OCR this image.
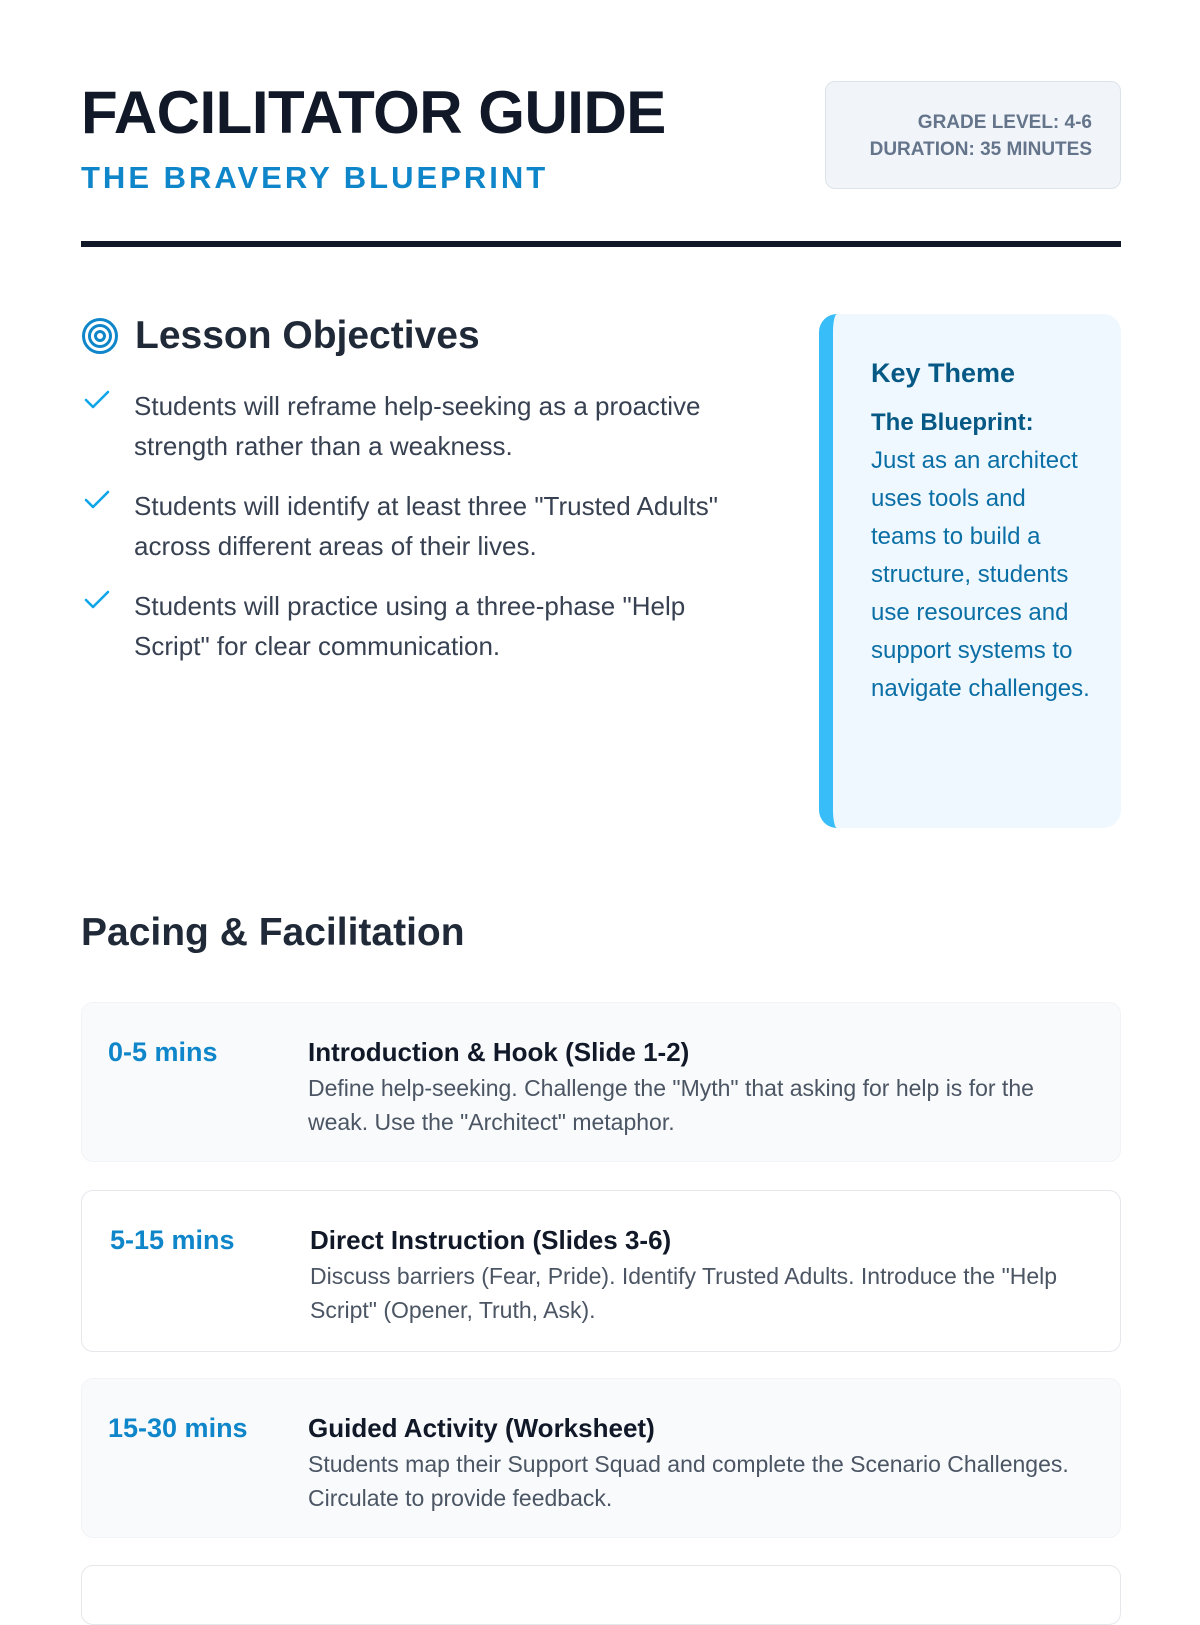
FACILITATOR GUIDE
THE BRAVERY BLUEPRINT
GRADE LEVEL: 4-6
DURATION: 35 MINUTES
Lesson Objectives
Students will reframe help-seeking as a proactive strength rather than a weakness.
Students will identify at least three "Trusted Adults" across different areas of their lives.
Students will practice using a three-phase "Help Script" for clear communication.
Key Theme
The Blueprint:
Just as an architect uses tools and teams to build a structure, students use resources and support systems to navigate challenges.
Pacing & Facilitation
0-5 mins	Introduction & Hook (Slide 1-2)
Define help-seeking. Challenge the "Myth" that asking for help is for the weak. Use the "Architect" metaphor.
5-15 mins	Direct Instruction (Slides 3-6)
Discuss barriers (Fear, Pride). Identify Trusted Adults. Introduce the "Help Script" (Opener, Truth, Ask).
15-30 mins Guided Activity (Worksheet)
Students map their Support Squad and complete the Scenario Challenges. Circulate to provide feedback.
